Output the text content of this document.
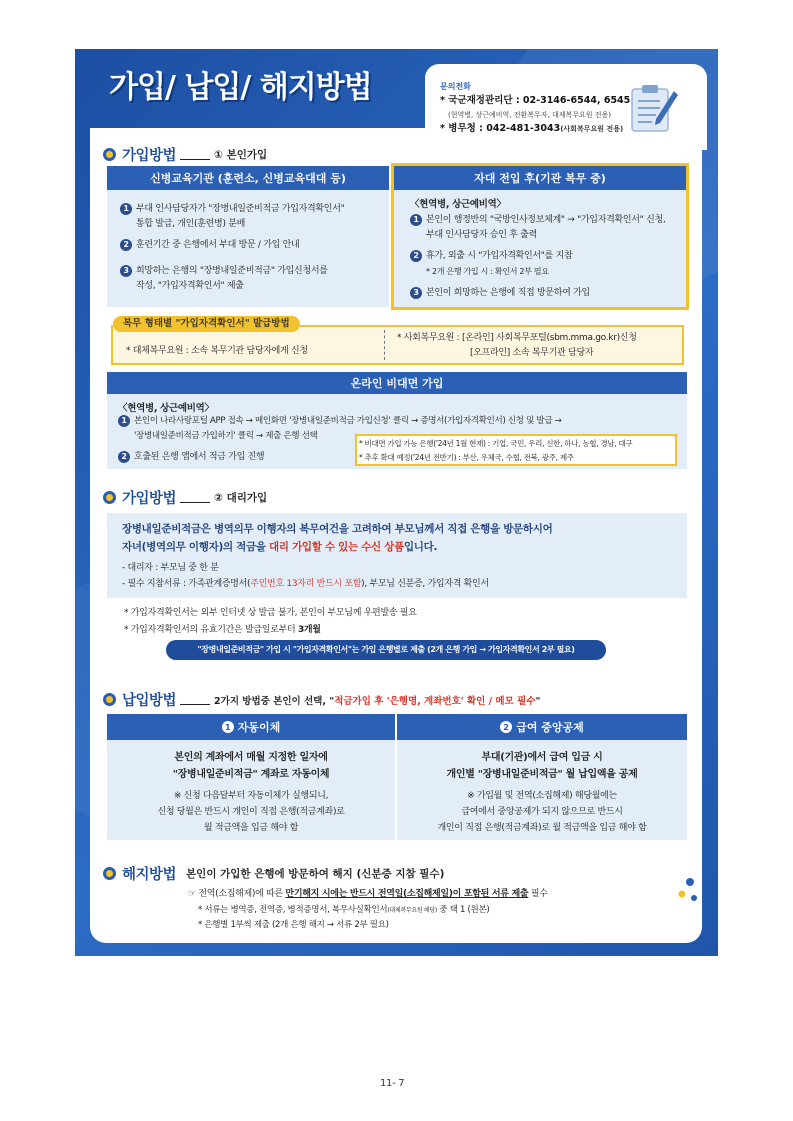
가입/ 납입/ 해지방법	문의전화
* 국군재정관리단 : 02-3146-6544, 6545
(현역병, 상근예비역, 전환복무자, 대체복무요원 전용)
* 병무청 : 042-481-3043(사회복무요원 전용)
가입방법	① 본인가입
신병교육기관 (훈련소, 신병교육대대 등)
1 부대 인사담당자가 "장병내일준비적금 가입자격확인서"
통합 발급, 개인(훈련병) 분배
2 훈련기간 중 은행에서 부대 방문 / 가입 안내
3 희망하는 은행의 "장병내일준비적금" 가입신청서를
작성, "가입자격확인서" 제출
자대 전입 후(기관 복무 중)
〈현역병, 상근예비역〉
1 본인이 행정반의 "국방인사정보체계" → "가입자격확인서" 신청,
부대 인사담당자 승인 후 출력
2 휴가, 외출 시 "가입자격확인서"를 지참
* 2개 은행 가입 시 : 확인서 2부 필요
3 본인이 희망하는 은행에 직접 방문하여 가입
복무 형태별 "가입자격확인서" 발급방법
* 대체복무요원 : 소속 복무기관 담당자에게 신청
* 사회복무요원 : [온라인] 사회복무포털(sbm.mma.go.kr)신청
[오프라인] 소속 복무기관 담당자
온라인 비대면 가입
〈현역병, 상근예비역〉
1 본인이 나라사랑포털 APP 접속 → 메인화면 '장병내일준비적금 가입신청' 클릭 → 증명서(가입자격확인서) 신청 및 발급 →
'장병내일준비적금 가입하기' 클릭 → 제출 은행 선택
2 호출된 은행 앱에서 적금 가입 진행
* 비대면 가입 가능 은행('24년 1월 현재) : 기업, 국민, 우리, 신한, 하나, 농협, 경남, 대구
* 추후 확대 예정('24년 전반기) : 부산, 우체국, 수협, 전북, 광주, 제주
가입방법	② 대리가입
장병내일준비적금은 병역의무 이행자의 복무여건을 고려하여 부모님께서 직접 은행을 방문하시어
자녀(병역의무 이행자)의 적금을 대리 가입할 수 있는 수신 상품입니다.
- 대리자 : 부모님 중 한 분
- 필수 지참서류 : 가족관계증명서(주민번호 13자리 반드시 포함), 부모님 신분증, 가입자격 확인서
* 가입자격확인서는 외부 인터넷 상 발급 불가, 본인이 부모님께 우편발송 필요
* 가입자격확인서의 유효기간은 발급일로부터 3개월
"장병내일준비적금" 가입 시 "가입자격확인서"는 가입 은행별로 제출 (2개 은행 가입 → 가입자격확인서 2부 필요)
납입방법	2가지 방법중 본인이 선택, "적금가입 후 '은행명, 계좌번호' 확인 / 메모 필수"
1 자동이체
본인의 계좌에서 매월 지정한 일자에
"장병내일준비적금" 계좌로 자동이체
※ 신청 다음달부터 자동이체가 실행되니,
신청 당월은 반드시 개인이 직접 은행(적금계좌)로
월 적금액을 입금 해야 함
2 급여 중앙공제
부대(기관)에서 급여 입금 시
개인별 "장병내일준비적금" 월 납입액을 공제
※ 가입월 및 전역(소집해제) 해당월에는
급여에서 중앙공제가 되지 않으므로 반드시
개인이 직접 은행(적금계좌)로 월 적금액을 입금 해야 함
해지방법 본인이 가입한 은행에 방문하여 해지 (신분증 지참 필수)
☞ 전역(소집해제)에 따른 만기해지 시에는 반드시 전역일(소집해제일)이 포함된 서류 제출 필수
* 서류는 병역증, 전역증, 병적증명서, 복무사실확인서(대체복무요원 해당) 중 택 1 (원본)
* 은행별 1부씩 제출 (2개 은행 해지 → 서류 2부 필요)
11- 7
